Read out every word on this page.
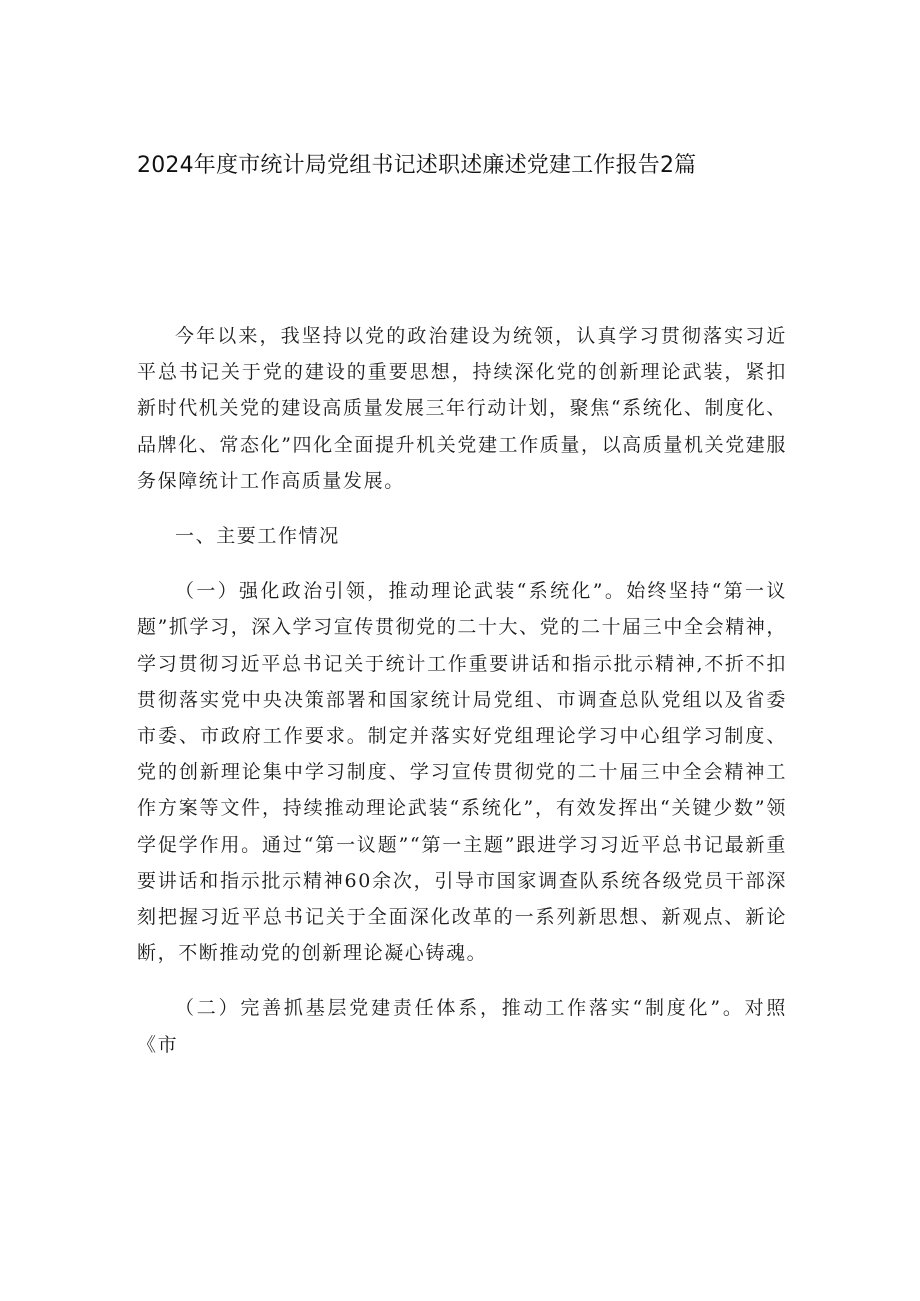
2024年度市统计局党组书记述职述廉述党建工作报告2篇

今年以来，我坚持以党的政治建设为统领，认真学习贯彻落实习近平总书记关于党的建设的重要思想，持续深化党的创新理论武装，紧扣新时代机关党的建设高质量发展三年行动计划，聚焦“系统化、制度化、品牌化、常态化”四化全面提升机关党建工作质量，以高质量机关党建服务保障统计工作高质量发展。

一、主要工作情况

（一）强化政治引领，推动理论武装“系统化”。始终坚持“第一议题”抓学习，深入学习宣传贯彻党的二十大、党的二十届三中全会精神，学习贯彻习近平总书记关于统计工作重要讲话和指示批示精神,不折不扣贯彻落实党中央决策部署和国家统计局党组、市调查总队党组以及省委市委、市政府工作要求。制定并落实好党组理论学习中心组学习制度、党的创新理论集中学习制度、学习宣传贯彻党的二十届三中全会精神工作方案等文件，持续推动理论武装“系统化”，有效发挥出“关键少数”领学促学作用。通过“第一议题”“第一主题”跟进学习习近平总书记最新重要讲话和指示批示精神60余次，引导市国家调查队系统各级党员干部深刻把握习近平总书记关于全面深化改革的一系列新思想、新观点、新论断，不断推动党的创新理论凝心铸魂。

（二）完善抓基层党建责任体系，推动工作落实“制度化”。对照《市
